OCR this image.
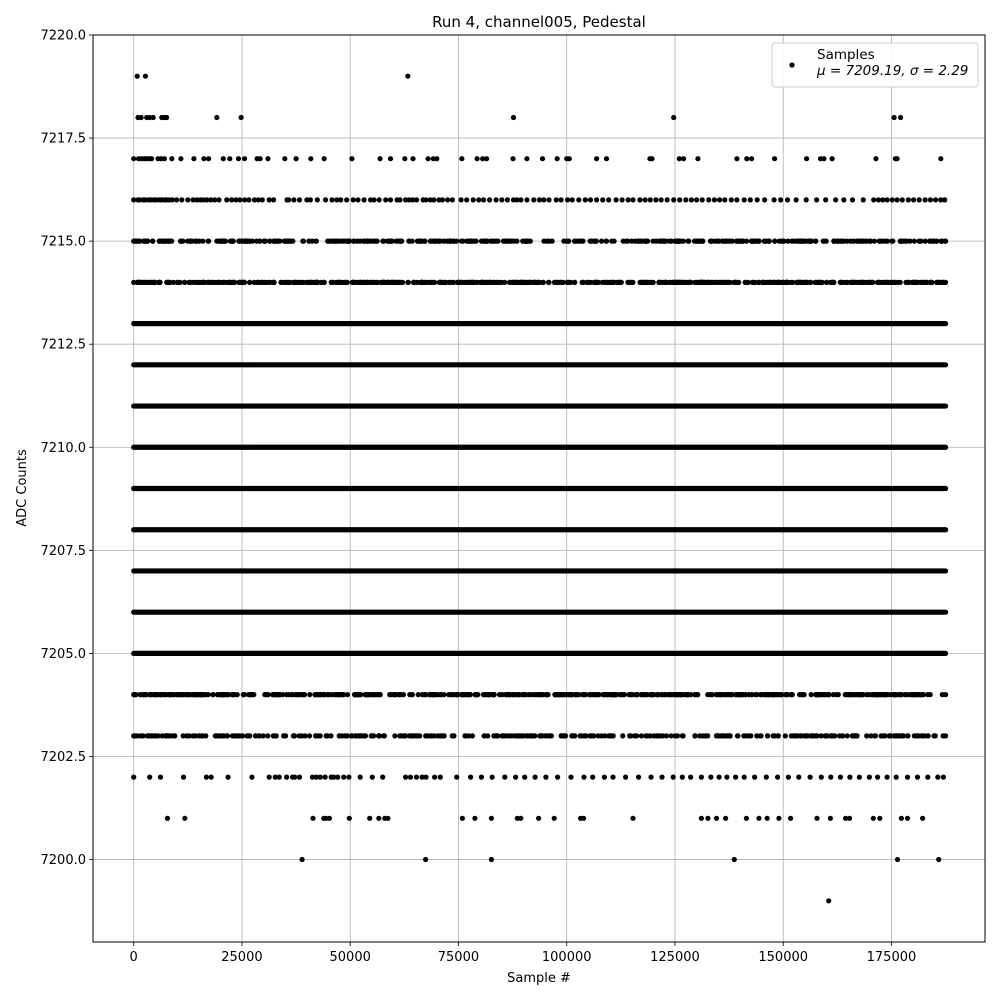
0	25000	50000	75000	100000	125000	150000	175000
7200.0
7202.5
7205.0
7207.5
7210.0
7212.5
7215.0
7217.5
7220.0
Run 4, channel005, Pedestal
Sample #
ADC Counts
Samples
μ = 7209.19, σ = 2.29
